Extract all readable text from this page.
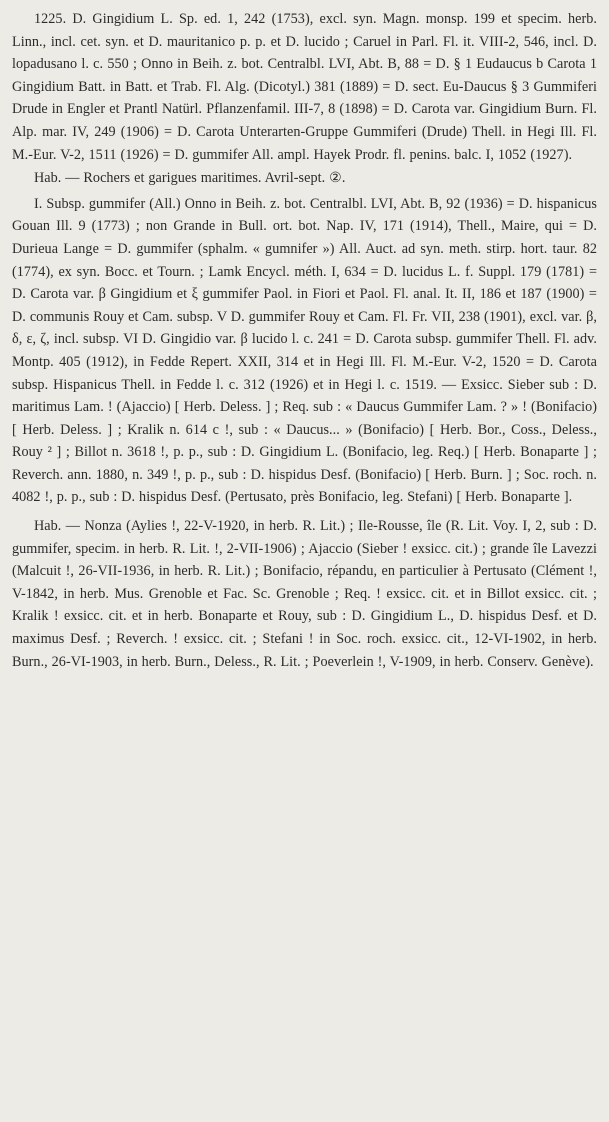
1225. D. Gingidium L. Sp. ed. 1, 242 (1753), excl. syn. Magn. monsp. 199 et specim. herb. Linn., incl. cet. syn. et D. mauritanico p. p. et D. lucido ; Caruel in Parl. Fl. it. VIII-2, 546, incl. D. lopadusano l. c. 550 ; Onno in Beih. z. bot. Centralbl. LVI, Abt. B, 88 = D. § 1 Eudaucus b Carota 1 Gingidium Batt. in Batt. et Trab. Fl. Alg. (Dicotyl.) 381 (1889) = D. sect. Eu-Daucus § 3 Gummiferi Drude in Engler et Prantl Natürl. Pflanzenfamil. III-7, 8 (1898) = D. Carota var. Gingidium Burn. Fl. Alp. mar. IV, 249 (1906) = D. Carota Unterarten-Gruppe Gummiferi (Drude) Thell. in Hegi Ill. Fl. M.-Eur. V-2, 1511 (1926) = D. gummifer All. ampl. Hayek Prodr. fl. penins. balc. I, 1052 (1927).

Hab. — Rochers et garigues maritimes. Avril-sept. ②.

I. Subsp. gummifer (All.) Onno in Beih. z. bot. Centralbl. LVI, Abt. B, 92 (1936) = D. hispanicus Gouan Ill. 9 (1773) ; non Grande in Bull. ort. bot. Nap. IV, 171 (1914), Thell., Maire, qui = D. Durieua Lange = D. gummifer (sphalm. « gumnifer ») All. Auct. ad syn. meth. stirp. hort. taur. 82 (1774), ex syn. Bocc. et Tourn. ; Lamk Encycl. méth. I, 634 = D. lucidus L. f. Suppl. 179 (1781) = D. Carota var. β Gingidium et ξ gummifer Paol. in Fiori et Paol. Fl. anal. It. II, 186 et 187 (1900) = D. communis Rouy et Cam. subsp. V D. gummifer Rouy et Cam. Fl. Fr. VII, 238 (1901), excl. var. β, δ, ε, ζ, incl. subsp. VI D. Gingidio var. β lucido l. c. 241 = D. Carota subsp. gummifer Thell. Fl. adv. Montp. 405 (1912), in Fedde Repert. XXII, 314 et in Hegi Ill. Fl. M.-Eur. V-2, 1520 = D. Carota subsp. Hispanicus Thell. in Fedde l. c. 312 (1926) et in Hegi l. c. 1519. — Exsicc. Sieber sub : D. maritimus Lam. ! (Ajaccio) [ Herb. Deless. ] ; Req. sub : « Daucus Gummifer Lam. ? » ! (Bonifacio) [ Herb. Deless. ] ; Kralik n. 614 c !, sub : « Daucus... » (Bonifacio) [ Herb. Bor., Coss., Deless., Rouy ² ] ; Billot n. 3618 !, p. p., sub : D. Gingidium L. (Bonifacio, leg. Req.) [ Herb. Bonaparte ] ; Reverch. ann. 1880, n. 349 !, p. p., sub : D. hispidus Desf. (Bonifacio) [ Herb. Burn. ] ; Soc. roch. n. 4082 !, p. p., sub : D. hispidus Desf. (Pertusato, près Bonifacio, leg. Stefani) [ Herb. Bonaparte ].

Hab. — Nonza (Aylies !, 22-V-1920, in herb. R. Lit.) ; Ile-Rousse, île (R. Lit. Voy. I, 2, sub : D. gummifer, specim. in herb. R. Lit. !, 2-VII-1906) ; Ajaccio (Sieber ! exsicc. cit.) ; grande île Lavezzi (Malcuit !, 26-VII-1936, in herb. R. Lit.) ; Bonifacio, répandu, en particulier à Pertusato (Clément !, V-1842, in herb. Mus. Grenoble et Fac. Sc. Grenoble ; Req. ! exsicc. cit. et in Billot exsicc. cit. ; Kralik ! exsicc. cit. et in herb. Bonaparte et Rouy, sub : D. Gingidium L., D. hispidus Desf. et D. maximus Desf. ; Reverch. ! exsicc. cit. ; Stefani ! in Soc. roch. exsicc. cit., 12-VI-1902, in herb. Burn., 26-VI-1903, in herb. Burn., Deless., R. Lit. ; Poeverlein !, V-1909, in herb. Conserv. Genève).
